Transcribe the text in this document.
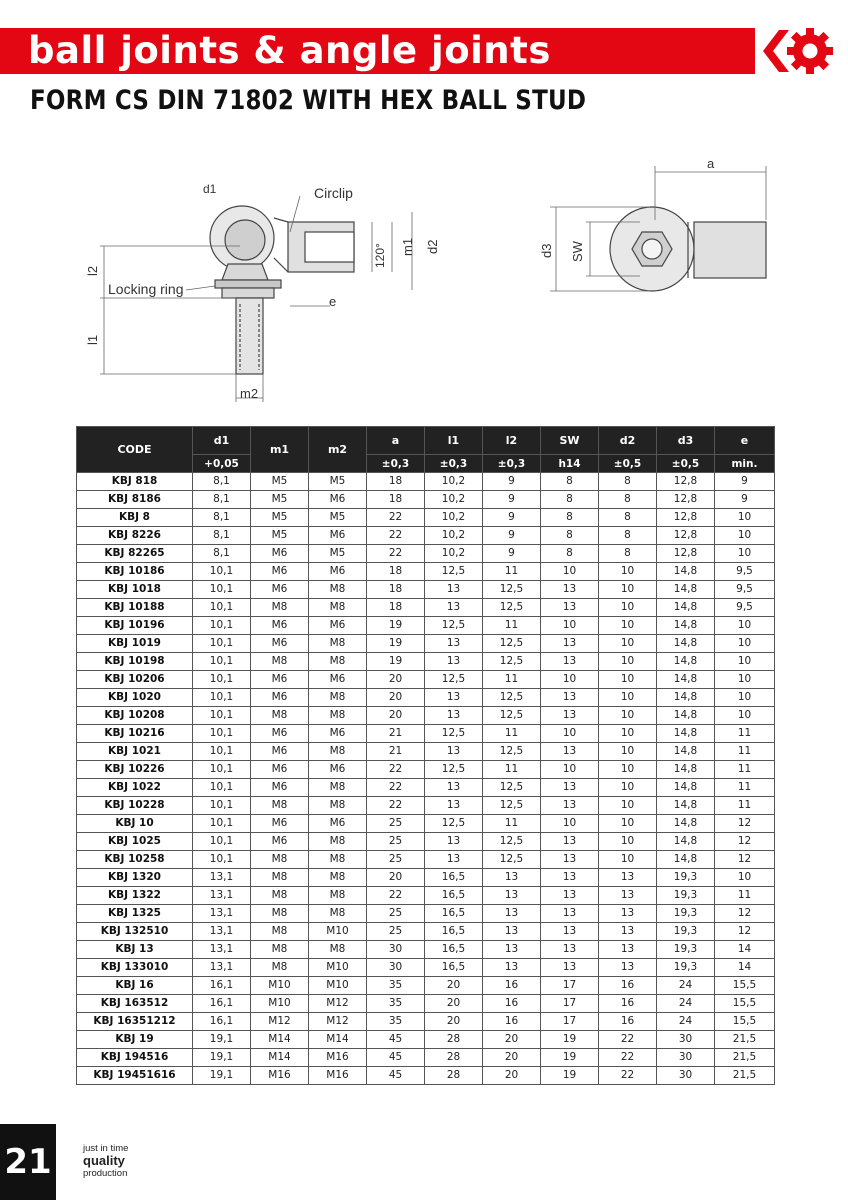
ball joints & angle joints
FORM CS DIN 71802 WITH HEX BALL STUD
d1	Circlip
120° m1 d2
l2
Locking ring
e
l1
m2
a
d3 SW
CODE	d1	m1	m2	a	l1	l2	SW	d2	d3	e
	+0,05			±0,3	±0,3	±0,3	h14	±0,5	±0,5	min.
KBJ 818	8,1	M5	M5	18	10,2	9	8	8	12,8	9
KBJ 8186	8,1	M5	M6	18	10,2	9	8	8	12,8	9
KBJ 8	8,1	M5	M5	22	10,2	9	8	8	12,8	10
KBJ 8226	8,1	M5	M6	22	10,2	9	8	8	12,8	10
KBJ 82265	8,1	M6	M5	22	10,2	9	8	8	12,8	10
KBJ 10186	10,1	M6	M6	18	12,5	11	10	10	14,8	9,5
KBJ 1018	10,1	M6	M8	18	13	12,5	13	10	14,8	9,5
KBJ 10188	10,1	M8	M8	18	13	12,5	13	10	14,8	9,5
KBJ 10196	10,1	M6	M6	19	12,5	11	10	10	14,8	10
KBJ 1019	10,1	M6	M8	19	13	12,5	13	10	14,8	10
KBJ 10198	10,1	M8	M8	19	13	12,5	13	10	14,8	10
KBJ 10206	10,1	M6	M6	20	12,5	11	10	10	14,8	10
KBJ 1020	10,1	M6	M8	20	13	12,5	13	10	14,8	10
KBJ 10208	10,1	M8	M8	20	13	12,5	13	10	14,8	10
KBJ 10216	10,1	M6	M6	21	12,5	11	10	10	14,8	11
KBJ 1021	10,1	M6	M8	21	13	12,5	13	10	14,8	11
KBJ 10226	10,1	M6	M6	22	12,5	11	10	10	14,8	11
KBJ 1022	10,1	M6	M8	22	13	12,5	13	10	14,8	11
KBJ 10228	10,1	M8	M8	22	13	12,5	13	10	14,8	11
KBJ 10	10,1	M6	M6	25	12,5	11	10	10	14,8	12
KBJ 1025	10,1	M6	M8	25	13	12,5	13	10	14,8	12
KBJ 10258	10,1	M8	M8	25	13	12,5	13	10	14,8	12
KBJ 1320	13,1	M8	M8	20	16,5	13	13	13	19,3	10
KBJ 1322	13,1	M8	M8	22	16,5	13	13	13	19,3	11
KBJ 1325	13,1	M8	M8	25	16,5	13	13	13	19,3	12
KBJ 132510	13,1	M8	M10	25	16,5	13	13	13	19,3	12
KBJ 13	13,1	M8	M8	30	16,5	13	13	13	19,3	14
KBJ 133010	13,1	M8	M10	30	16,5	13	13	13	19,3	14
KBJ 16	16,1	M10	M10	35	20	16	17	16	24	15,5
KBJ 163512	16,1	M10	M12	35	20	16	17	16	24	15,5
KBJ 16351212	16,1	M12	M12	35	20	16	17	16	24	15,5
KBJ 19	19,1	M14	M14	45	28	20	19	22	30	21,5
KBJ 194516	19,1	M14	M16	45	28	20	19	22	30	21,5
KBJ 19451616	19,1	M16	M16	45	28	20	19	22	30	21,5
21	just in time
quality
production
